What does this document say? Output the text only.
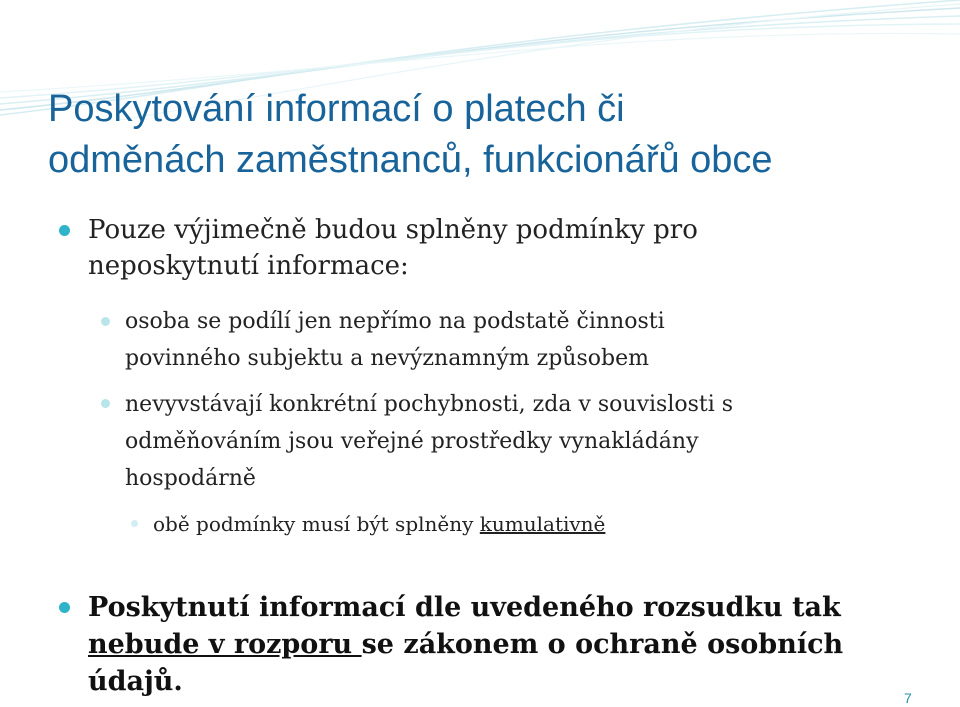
Poskytování informací o platech či
odměnách zaměstnanců, funkcionářů obce
Pouze výjimečně budou splněny podmínky pro
neposkytnutí informace:
osoba se podílí jen nepřímo na podstatě činnosti
povinného subjektu a nevýznamným způsobem
nevyvstávají konkrétní pochybnosti, zda v souvislosti s
odměňováním jsou veřejné prostředky vynakládány
hospodárně
obě podmínky musí být splněny kumulativně
Poskytnutí informací dle uvedeného rozsudku tak
nebude v rozporu se zákonem o ochraně osobních
údajů.
7
